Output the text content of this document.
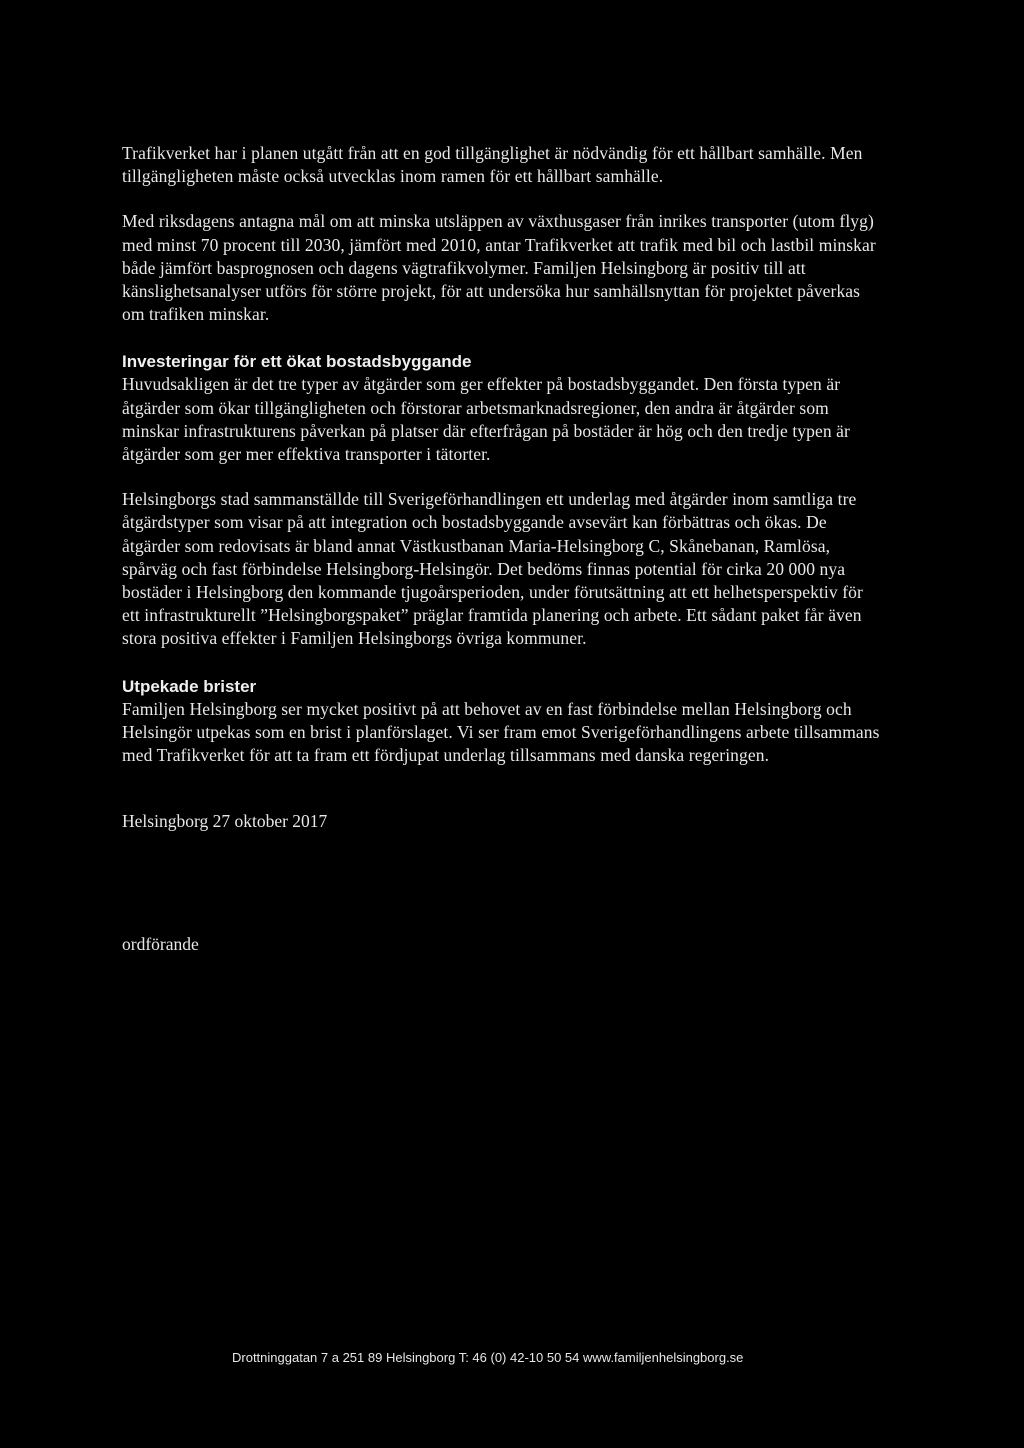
Trafikverket har i planen utgått från att en god tillgänglighet är nödvändig för ett hållbart samhälle. Men tillgängligheten måste också utvecklas inom ramen för ett hållbart samhälle.

Med riksdagens antagna mål om att minska utsläppen av växthusgaser från inrikes transporter (utom flyg) med minst 70 procent till 2030, jämfört med 2010, antar Trafikverket att trafik med bil och lastbil minskar både jämfört basprognosen och dagens vägtrafikvolymer. Familjen Helsingborg är positiv till att känslighetsanalyser utförs för större projekt, för att undersöka hur samhällsnyttan för projektet påverkas om trafiken minskar.

Investeringar för ett ökat bostadsbyggande

Huvudsakligen är det tre typer av åtgärder som ger effekter på bostadsbyggandet. Den första typen är åtgärder som ökar tillgängligheten och förstorar arbetsmarknadsregioner, den andra är åtgärder som minskar infrastrukturens påverkan på platser där efterfrågan på bostäder är hög och den tredje typen är åtgärder som ger mer effektiva transporter i tätorter.

Helsingborgs stad sammanställde till Sverigeförhandlingen ett underlag med åtgärder inom samtliga tre åtgärdstyper som visar på att integration och bostadsbyggande avsevärt kan förbättras och ökas. De åtgärder som redovisats är bland annat Västkustbanan Maria-Helsingborg C, Skånebanan, Ramlösa, spårväg och fast förbindelse Helsingborg-Helsingör. Det bedöms finnas potential för cirka 20 000 nya bostäder i Helsingborg den kommande tjugoårsperioden, under förutsättning att ett helhetsperspektiv för ett infrastrukturellt ”Helsingborgspaket” präglar framtida planering och arbete. Ett sådant paket får även stora positiva effekter i Familjen Helsingborgs övriga kommuner.

Utpekade brister

Familjen Helsingborg ser mycket positivt på att behovet av en fast förbindelse mellan Helsingborg och Helsingör utpekas som en brist i planförslaget. Vi ser fram emot Sverigeförhandlingens arbete tillsammans med Trafikverket för att ta fram ett fördjupat underlag tillsammans med danska regeringen.

Helsingborg 27 oktober 2017

ordförande

Drottninggatan 7 a 251 89 Helsingborg T: 46 (0) 42-10 50 54 www.familjenhelsingborg.se
